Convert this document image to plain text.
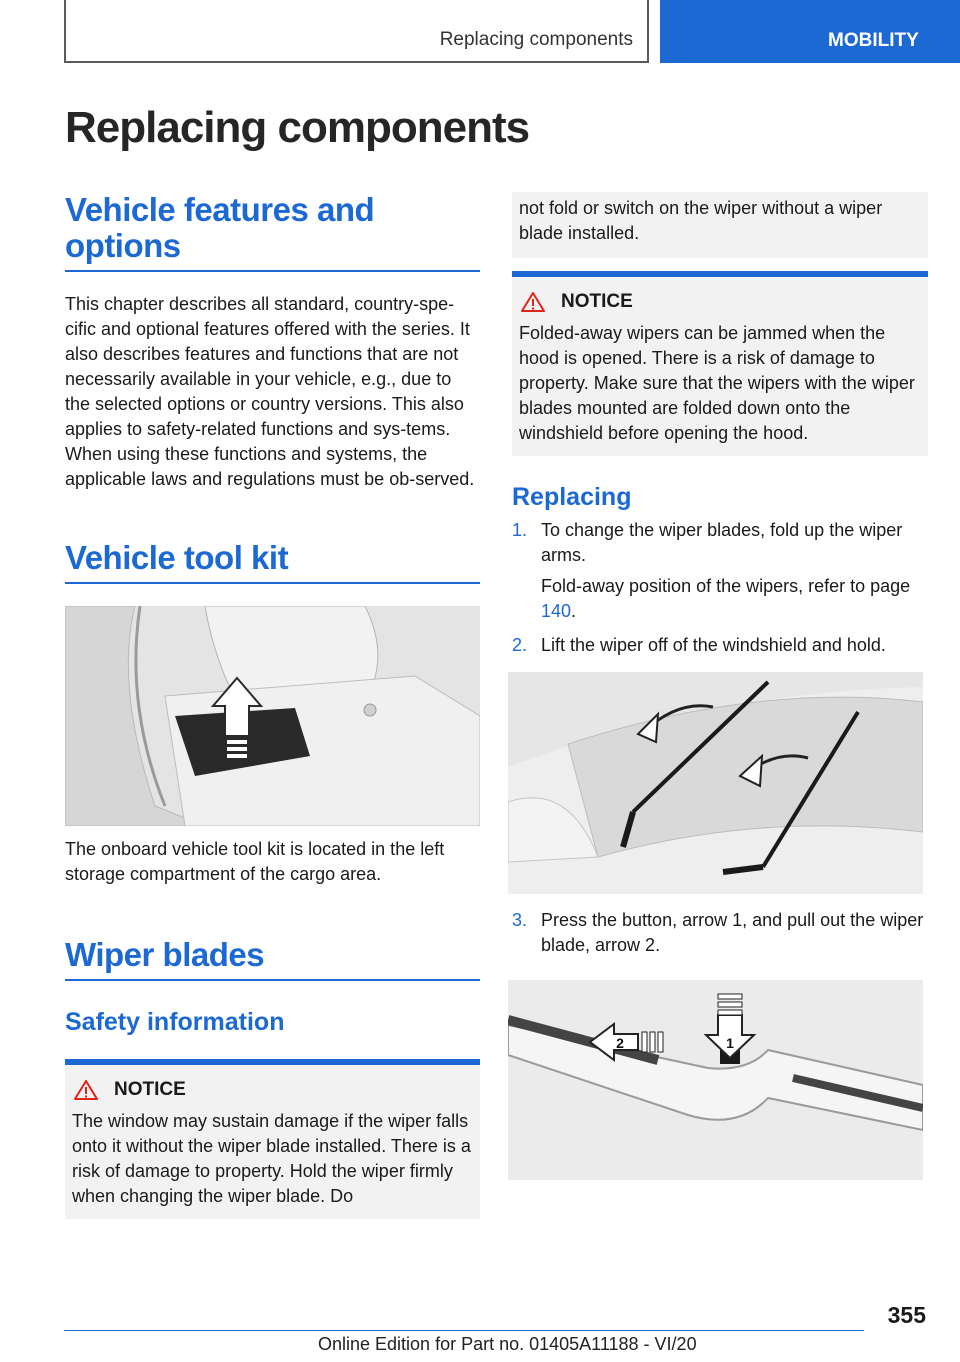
Replacing components	MOBILITY
Replacing components
Vehicle features and options

This chapter describes all standard, country-spe-cific and optional features offered with the series. It also describes features and functions that are not necessarily available in your vehicle, e.g., due to the selected options or country versions. This also applies to safety-related functions and sys-tems. When using these functions and systems, the applicable laws and regulations must be ob-served.

Vehicle tool kit

The onboard vehicle tool kit is located in the left storage compartment of the cargo area.

Wiper blades
Safety information
NOTICE

The window may sustain damage if the wiper falls onto it without the wiper blade installed. There is a risk of damage to property. Hold the wiper firmly when changing the wiper blade. Do

not fold or switch on the wiper without a wiper blade installed.

NOTICE

Folded-away wipers can be jammed when the hood is opened. There is a risk of damage to property. Make sure that the wipers with the wiper blades mounted are folded down onto the windshield before opening the hood.

Replacing
1. To change the wiper blades, fold up the wiper arms.
Fold-away position of the wipers, refer to page 140.
2. Lift the wiper off of the windshield and hold.
3. Press the button, arrow 1, and pull out the wiper blade, arrow 2.
1
2
355
Online Edition for Part no. 01405A11188 - VI/20
